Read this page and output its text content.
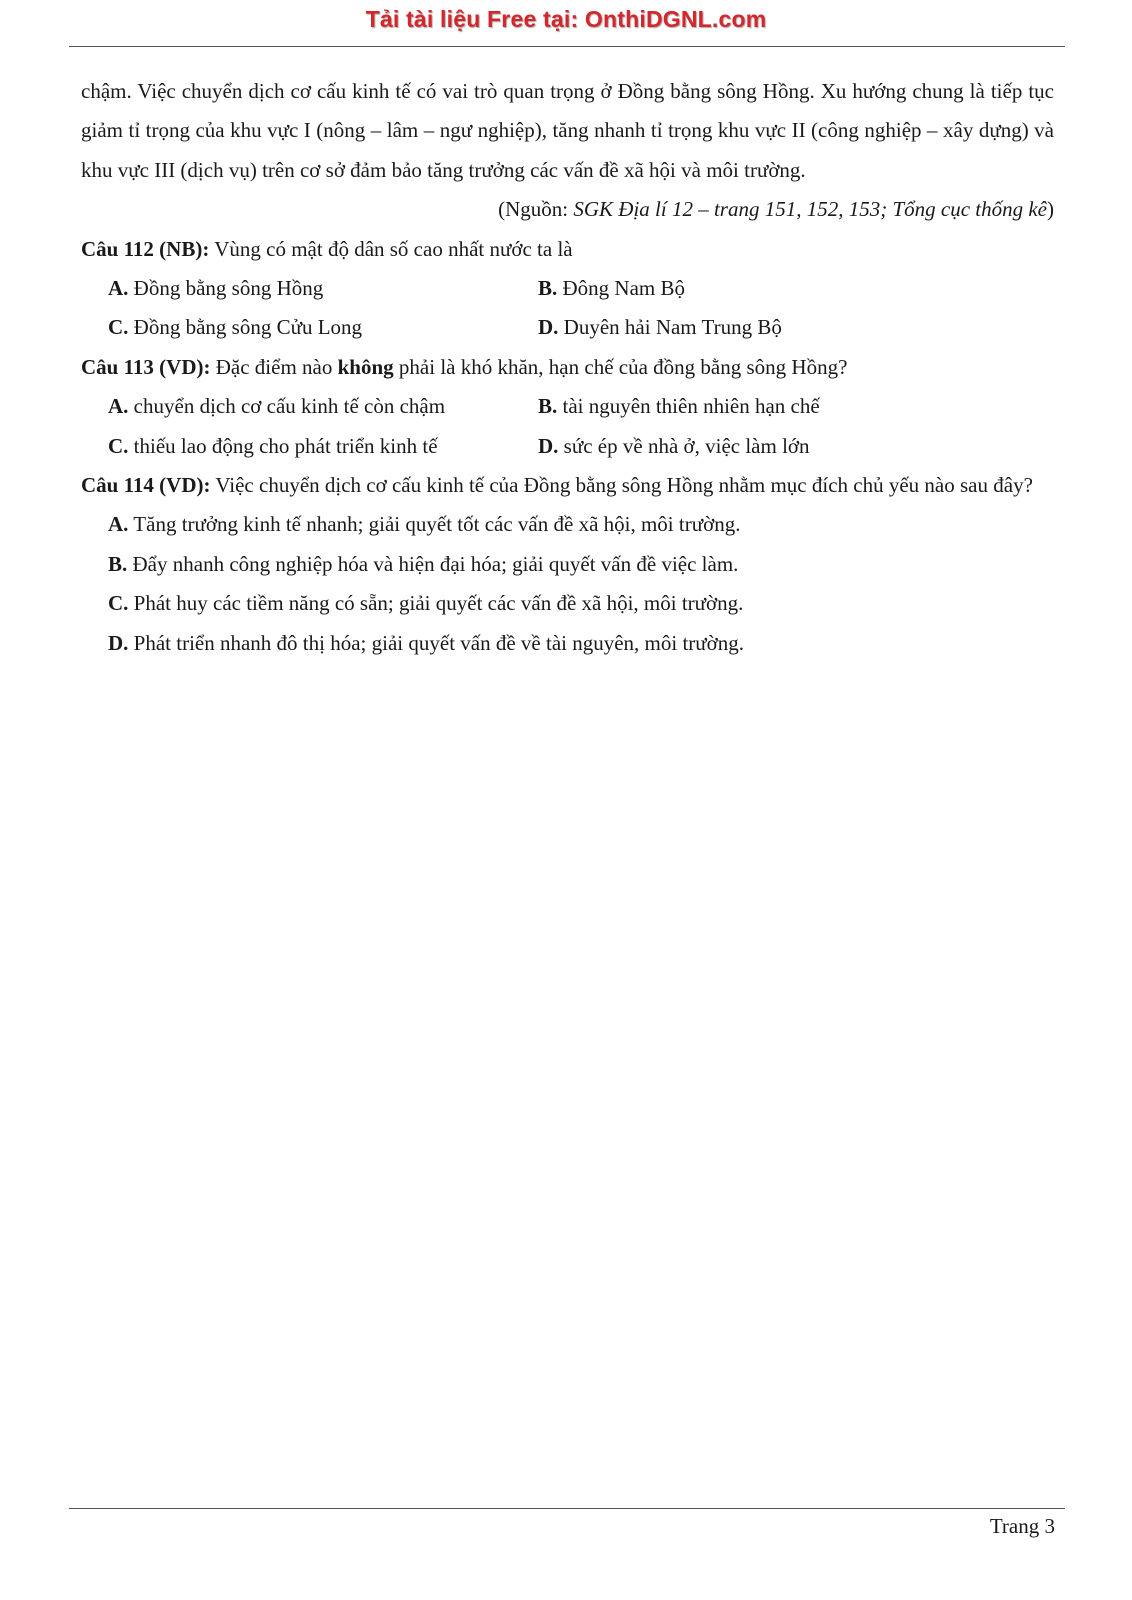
Tải tài liệu Free tại: OnthiDGNL.com

chậm. Việc chuyển dịch cơ cấu kinh tế có vai trò quan trọng ở Đồng bằng sông Hồng. Xu hướng chung là tiếp tục giảm tỉ trọng của khu vực I (nông – lâm – ngư nghiệp), tăng nhanh tỉ trọng khu vực II (công nghiệp – xây dựng) và khu vực III (dịch vụ) trên cơ sở đảm bảo tăng trưởng các vấn đề xã hội và môi trường.

(Nguồn: SGK Địa lí 12 – trang 151, 152, 153; Tổng cục thống kê)

Câu 112 (NB): Vùng có mật độ dân số cao nhất nước ta là

A. Đồng bằng sông Hồng	B. Đông Nam Bộ
C. Đồng bằng sông Cửu Long	D. Duyên hải Nam Trung Bộ

Câu 113 (VD): Đặc điểm nào không phải là khó khăn, hạn chế của đồng bằng sông Hồng?

A. chuyển dịch cơ cấu kinh tế còn chậm	B. tài nguyên thiên nhiên hạn chế
C. thiếu lao động cho phát triển kinh tế	D. sức ép về nhà ở, việc làm lớn

Câu 114 (VD): Việc chuyển dịch cơ cấu kinh tế của Đồng bằng sông Hồng nhằm mục đích chủ yếu nào sau đây?

A. Tăng trưởng kinh tế nhanh; giải quyết tốt các vấn đề xã hội, môi trường.
B. Đẩy nhanh công nghiệp hóa và hiện đại hóa; giải quyết vấn đề việc làm.
C. Phát huy các tiềm năng có sẵn; giải quyết các vấn đề xã hội, môi trường.
D. Phát triển nhanh đô thị hóa; giải quyết vấn đề về tài nguyên, môi trường.
Trang 3
